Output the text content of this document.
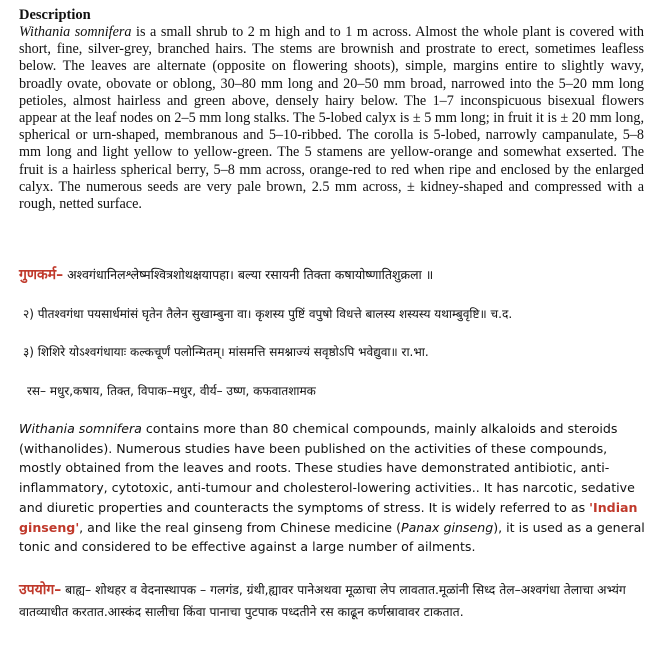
Description
Withania somnifera is a small shrub to 2 m high and to 1 m across. Almost the whole plant is covered with short, fine, silver-grey, branched hairs. The stems are brownish and prostrate to erect, sometimes leafless below. The leaves are alternate (opposite on flowering shoots), simple, margins entire to slightly wavy, broadly ovate, obovate or oblong, 30–80 mm long and 20–50 mm broad, narrowed into the 5–20 mm long petioles, almost hairless and green above, densely hairy below. The 1–7 inconspicuous bisexual flowers appear at the leaf nodes on 2–5 mm long stalks. The 5-lobed calyx is ± 5 mm long; in fruit it is ± 20 mm long, spherical or urn-shaped, membranous and 5–10-ribbed. The corolla is 5-lobed, narrowly campanulate, 5–8 mm long and light yellow to yellow-green. The 5 stamens are yellow-orange and somewhat exserted. The fruit is a hairless spherical berry, 5–8 mm across, orange-red to red when ripe and enclosed by the enlarged calyx. The numerous seeds are very pale brown, 2.5 mm across, ± kidney-shaped and compressed with a rough, netted surface.
गुणकर्म– अश्वगंधानिलश्लेष्मश्वित्रशोथक्षयापहा। बल्या रसायनी तिक्ता कषायोष्णातिशुक्रला ॥
२) पीतश्वगंधा पयसार्धमांसं घृतेन तैलेन सुखाम्बुना वा। कृशस्य पुष्टिं वपुषो विधत्ते बालस्य शस्यस्य यथाम्बुवृष्टि॥ च.द.
३) शिशिरे योऽश्वगंधायाः कल्कचूर्णं पलोन्मितम्। मांसमत्ति समश्नाज्यं सवृष्ठोऽपि भवेद्युवा॥ रा.भा.
रस– मधुर,कषाय, तिक्त, विपाक–मधुर, वीर्य– उष्ण, कफवातशामक
Withania somnifera contains more than 80 chemical compounds, mainly alkaloids and steroids (withanolides). Numerous studies have been published on the activities of these compounds, mostly obtained from the leaves and roots. These studies have demonstrated antibiotic, anti-inflammatory, cytotoxic, anti-tumour and cholesterol-lowering activities.. It has narcotic, sedative and diuretic properties and counteracts the symptoms of stress. It is widely referred to as 'Indian ginseng', and like the real ginseng from Chinese medicine (Panax ginseng), it is used as a general tonic and considered to be effective against a large number of ailments.
उपयोग– बाह्य– शोथहर व वेदनास्थापक – गलगंड, ग्रंथी,ह्यावर पानेअथवा मूळाचा लेप लावतात.मूळांनी सिध्द तेल–अश्वगंधा तेलाचा अभ्यंग वातव्याधीत करतात.आस्कंद सालीचा किंवा पानाचा पुटपाक पध्दतीने रस काढून कर्णस्रावावर टाकतात.
